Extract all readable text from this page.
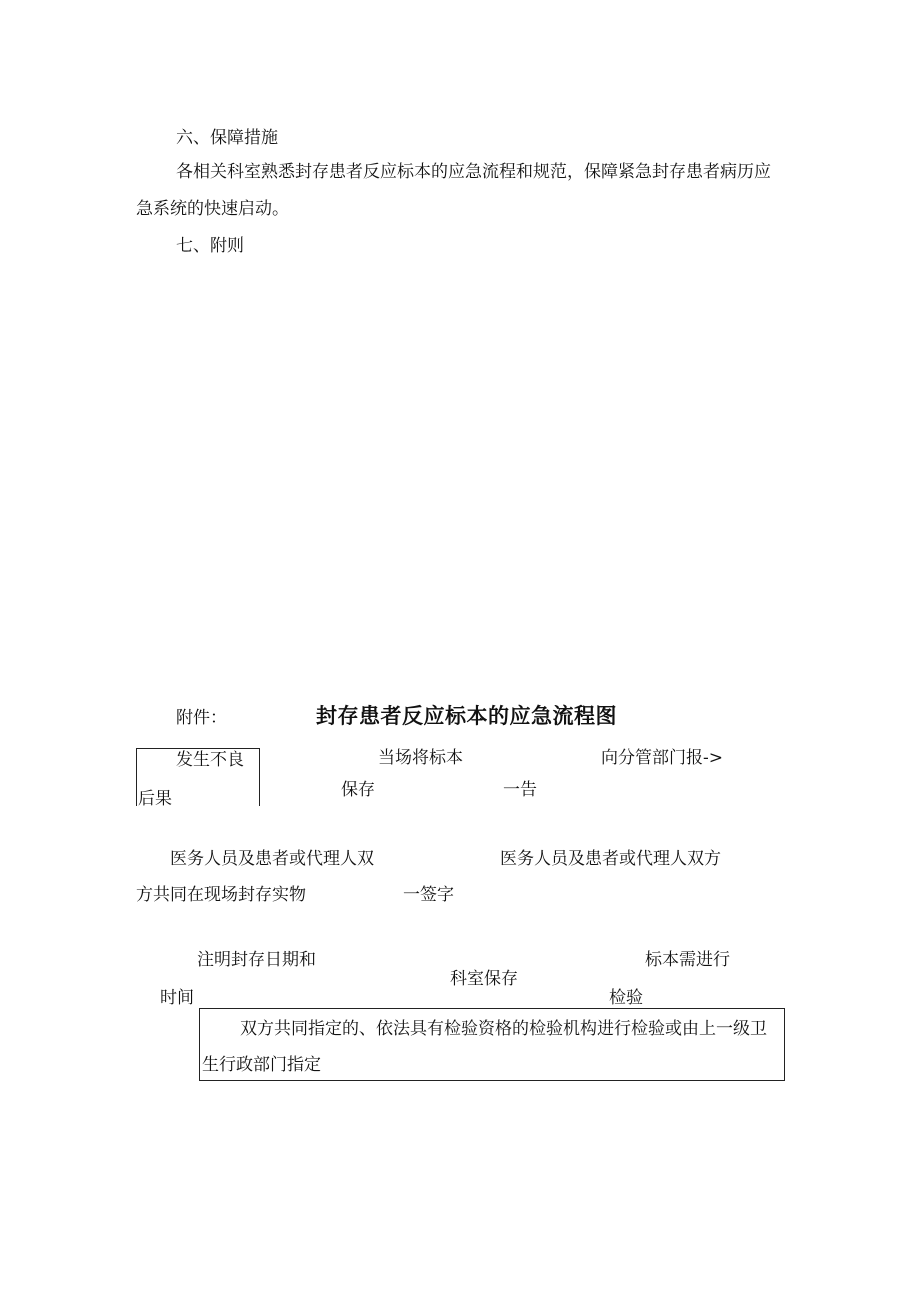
六、保障措施
各相关科室熟悉封存患者反应标本的应急流程和规范，保障紧急封存患者病历应急系统的快速启动。
七、附则
附件：	封存患者反应标本的应急流程图
发生不良
后果
当场将标本
保存
向分管部门报->
一告
医务人员及患者或代理人双
方共同在现场封存实物
医务人员及患者或代理人双方
一签字
注明封存日期和
时间
科室保存
标本需进行
检验
双方共同指定的、依法具有检验资格的检验机构进行检验或由上一级卫生行政部门指定
